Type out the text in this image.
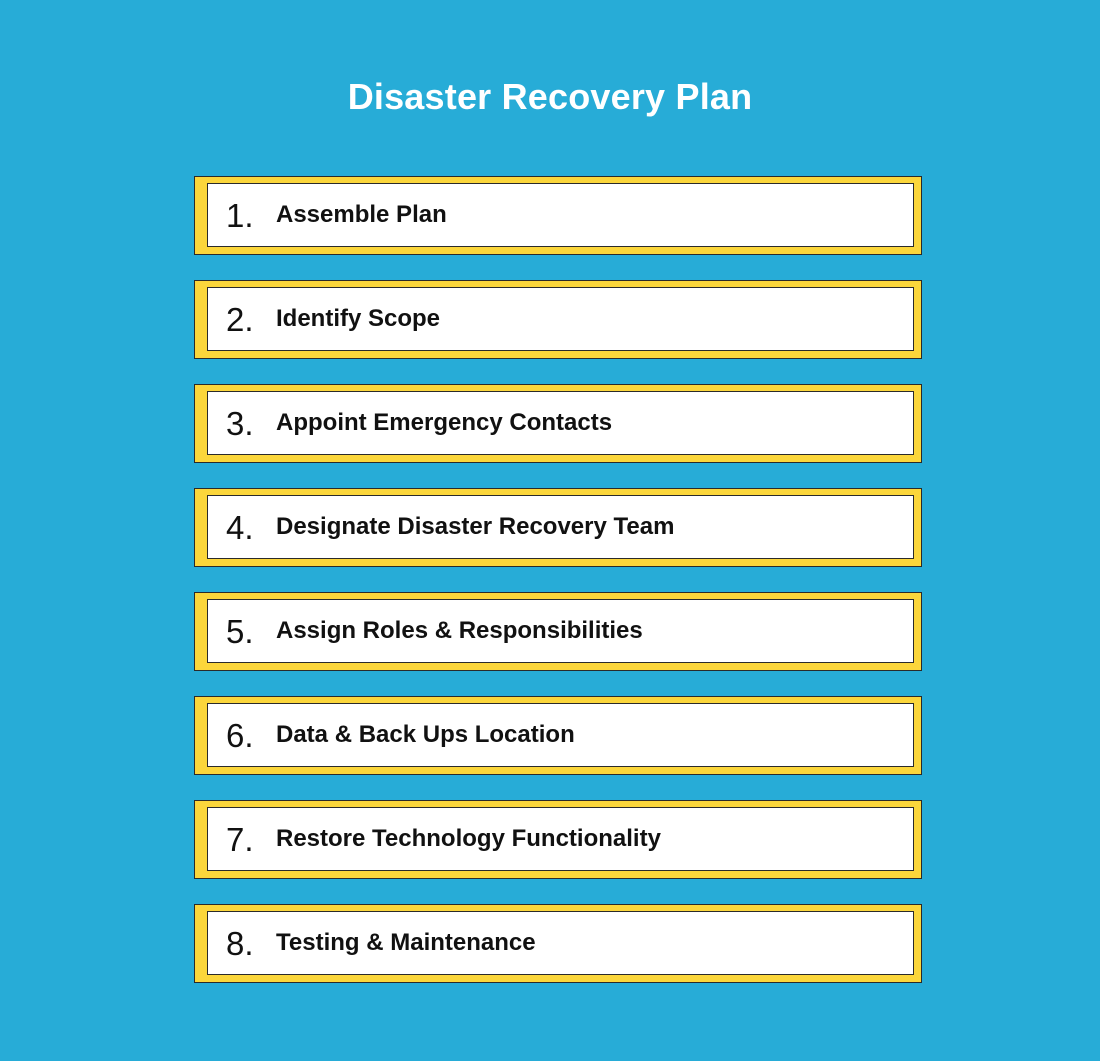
Disaster Recovery Plan
1. Assemble Plan
2. Identify Scope
3. Appoint Emergency Contacts
4. Designate Disaster Recovery Team
5. Assign Roles & Responsibilities
6. Data & Back Ups Location
7. Restore Technology Functionality
8. Testing & Maintenance
